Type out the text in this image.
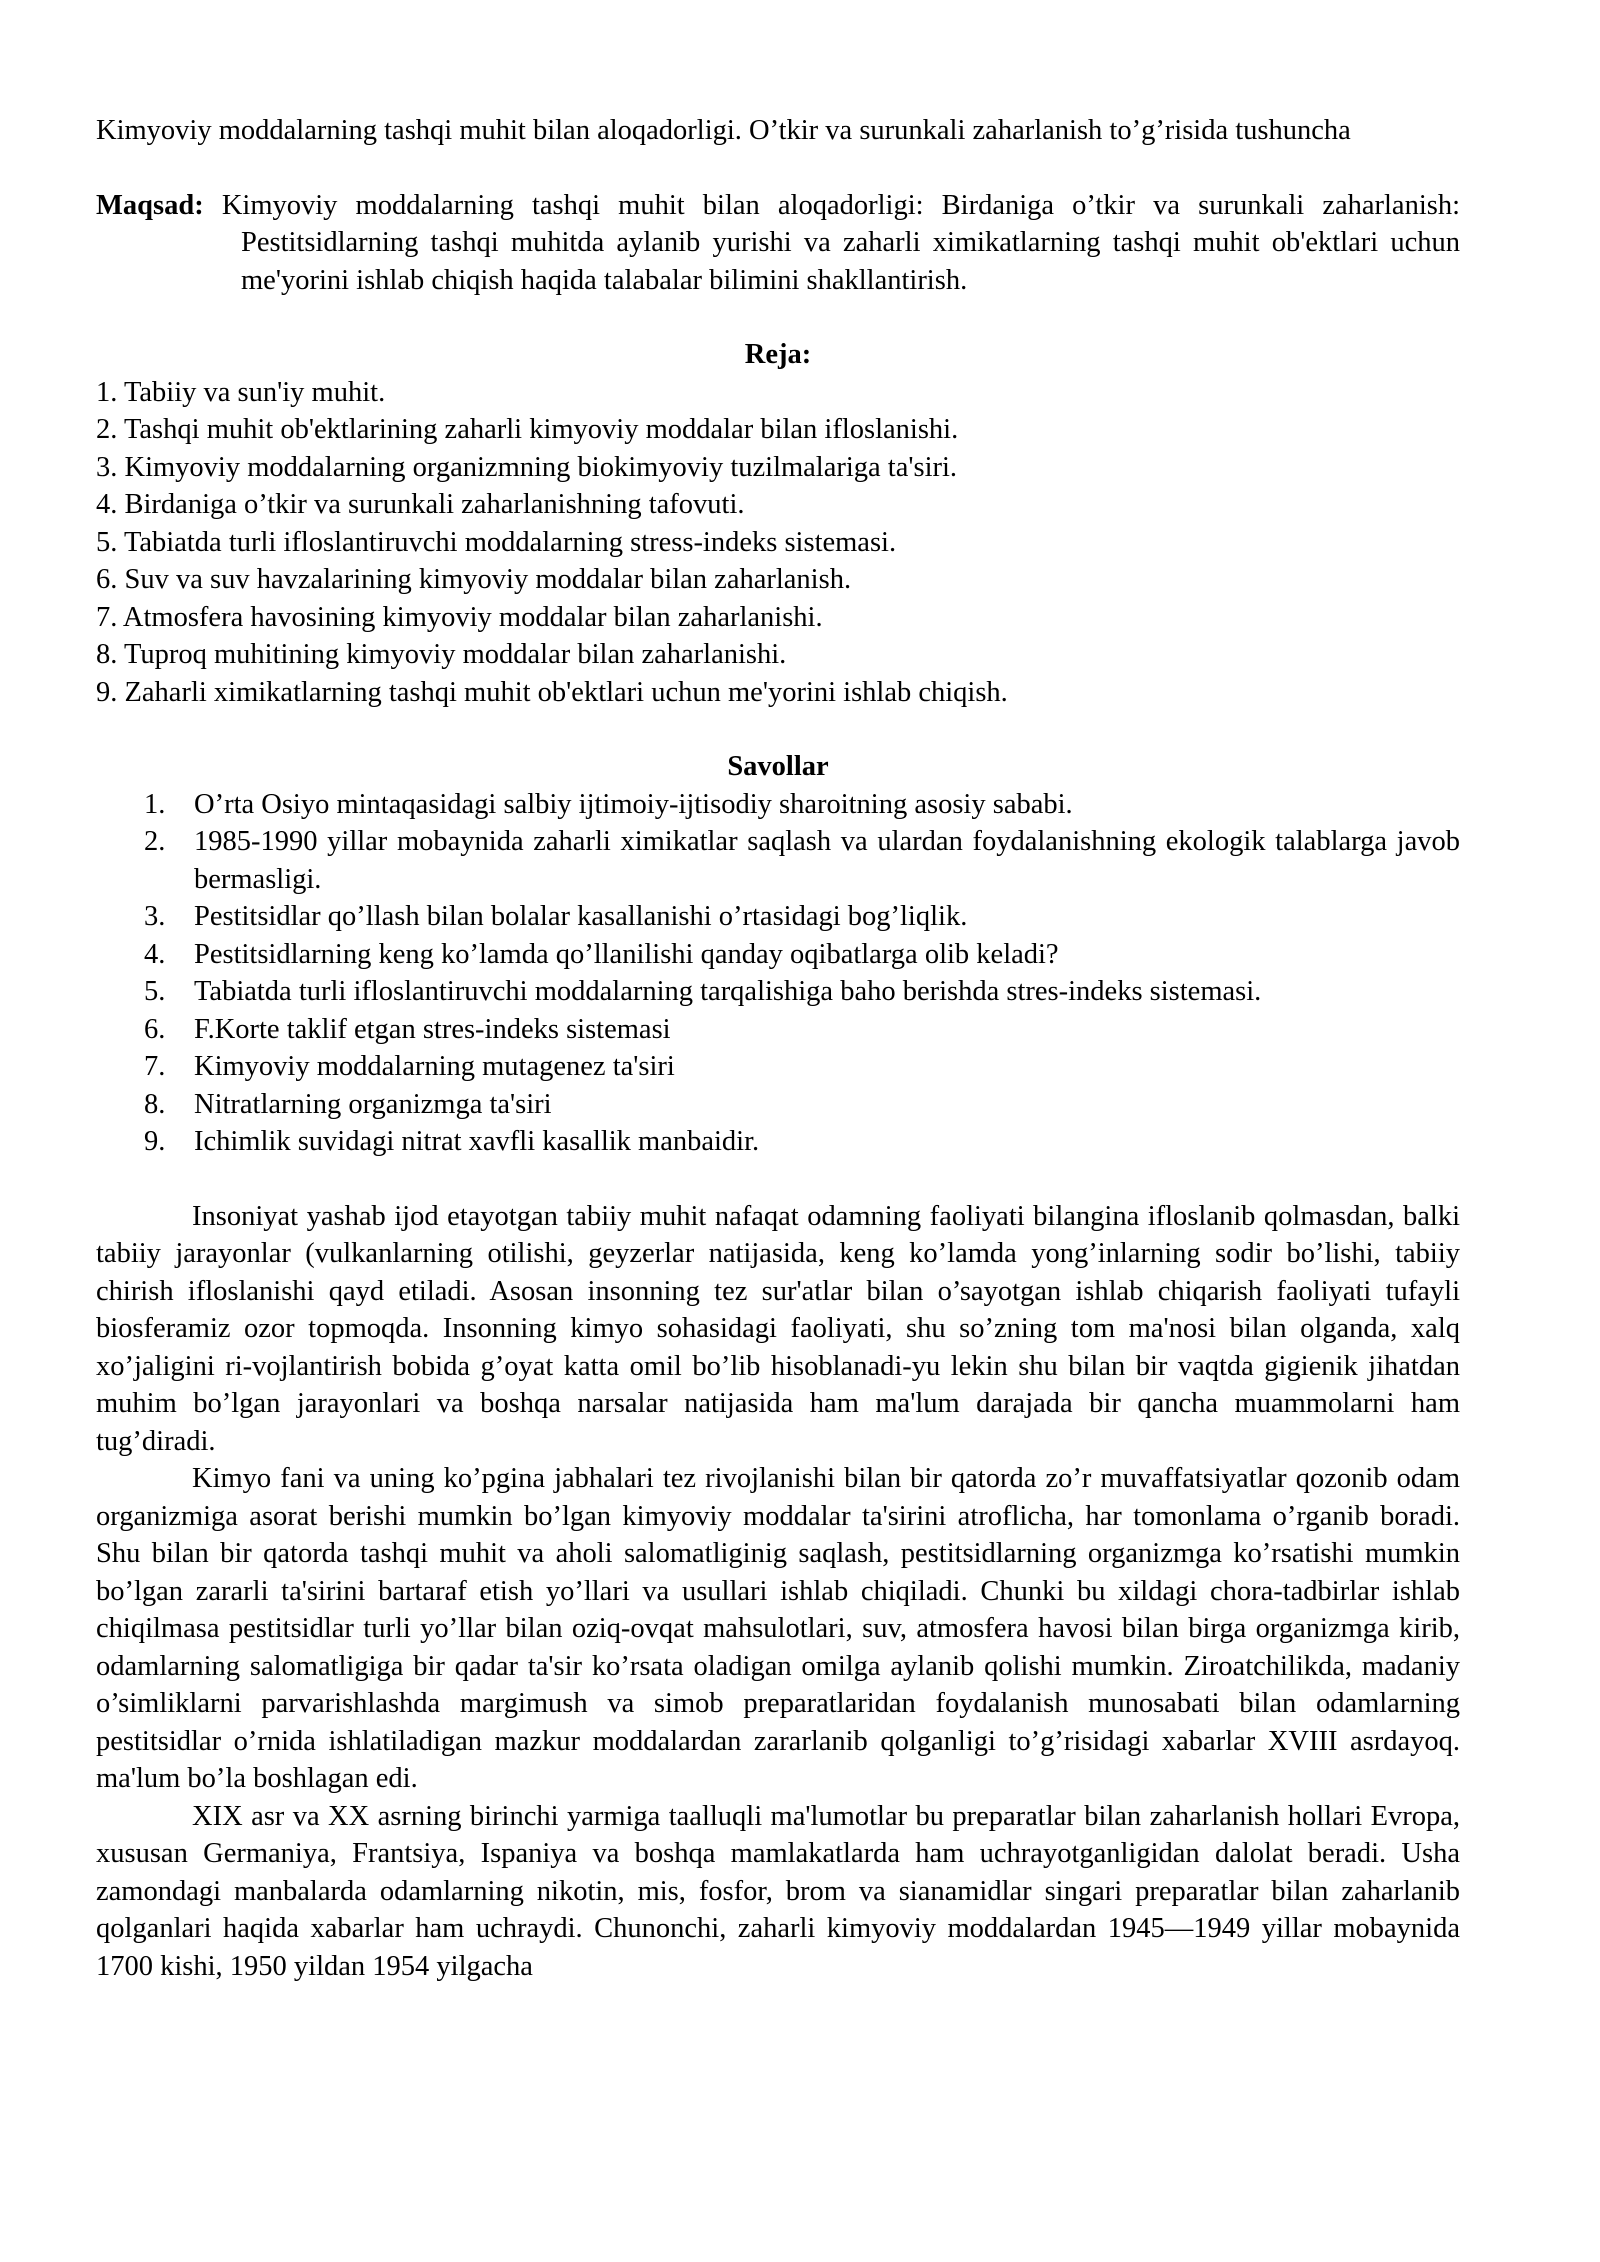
Kimyoviy moddalarning tashqi muhit bilan aloqadorligi. O’tkir va surunkali zaharlanish to’g’risida tushuncha

Maqsad: Kimyoviy moddalarning tashqi muhit bilan aloqadorligi: Birdaniga o’tkir va surunkali zaharlanish: Pestitsidlarning tashqi muhitda aylanib yurishi va zaharli ximikatlarning tashqi muhit ob'ektlari uchun me'yorini ishlab chiqish haqida talabalar bilimini shakllantirish.

Reja:

1. Tabiiy va sun'iy muhit.
2. Tashqi muhit ob'ektlarining zaharli kimyoviy moddalar bilan ifloslanishi.
3. Kimyoviy moddalarning organizmning biokimyoviy tuzilmalariga ta'siri.
4. Birdaniga o’tkir va surunkali zaharlanishning tafovuti.
5. Tabiatda turli ifloslantiruvchi moddalarning stress-indeks sistemasi.
6. Suv va suv havzalarining kimyoviy moddalar bilan zaharlanish.
7. Atmosfera havosining kimyoviy moddalar bilan zaharlanishi.
8. Tuproq muhitining kimyoviy moddalar bilan zaharlanishi.
9. Zaharli ximikatlarning tashqi muhit ob'ektlari uchun me'yorini ishlab chiqish.

Savollar

1. O’rta Osiyo mintaqasidagi salbiy ijtimoiy-ijtisodiy sharoitning asosiy sababi.
2. 1985-1990 yillar mobaynida zaharli ximikatlar saqlash va ulardan foydalanishning ekologik talablarga javob bermasligi.
3. Pestitsidlar qo’llash bilan bolalar kasallanishi o’rtasidagi bog’liqlik.
4. Pestitsidlarning keng ko’lamda qo’llanilishi qanday oqibatlarga olib keladi?
5. Tabiatda turli ifloslantiruvchi moddalarning tarqalishiga baho berishda stres-indeks sistemasi.
6. F.Korte taklif etgan stres-indeks sistemasi
7. Kimyoviy moddalarning mutagenez ta'siri
8. Nitratlarning organizmga ta'siri
9. Ichimlik suvidagi nitrat xavfli kasallik manbaidir.

Insoniyat yashab ijod etayotgan tabiiy muhit nafaqat odamning faoliyati bilangina ifloslanib qolmasdan, balki tabiiy jarayonlar (vulkanlarning otilishi, geyzerlar natijasida, keng ko’lamda yong’inlarning sodir bo’lishi, tabiiy chirish ifloslanishi qayd etiladi. Asosan insonning tez sur'atlar bilan o’sayotgan ishlab chiqarish faoliyati tufayli biosferamiz ozor topmoqda. Insonning kimyo sohasidagi faoliyati, shu so’zning tom ma'nosi bilan olganda, xalq xo’jaligini ri-vojlantirish bobida g’oyat katta omil bo’lib hisoblanadi-yu lekin shu bilan bir vaqtda gigienik jihatdan muhim bo’lgan jarayonlari va boshqa narsalar natijasida ham ma'lum darajada bir qancha muammolarni ham tug’diradi.

Kimyo fani va uning ko’pgina jabhalari tez rivojlanishi bilan bir qatorda zo’r muvaffatsiyatlar qozonib odam organizmiga asorat berishi mumkin bo’lgan kimyoviy moddalar ta'sirini atroflicha, har tomonlama o’rganib boradi. Shu bilan bir qatorda tashqi muhit va aholi salomatliginig saqlash, pestitsidlarning organizmga ko’rsatishi mumkin bo’lgan zararli ta'sirini bartaraf etish yo’llari va usullari ishlab chiqiladi. Chunki bu xildagi chora-tadbirlar ishlab chiqilmasa pestitsidlar turli yo’llar bilan oziq-ovqat mahsulotlari, suv, atmosfera havosi bilan birga organizmga kirib, odamlarning salomatligiga bir qadar ta'sir ko’rsata oladigan omilga aylanib qolishi mumkin. Ziroatchilikda, madaniy o’simliklarni parvarishlashda margimush va simob preparatlaridan foydalanish munosabati bilan odamlarning pestitsidlar o’rnida ishlatiladigan mazkur moddalardan zararlanib qolganligi to’g’risidagi xabarlar XVIII asrdayoq. ma'lum bo’la boshlagan edi.

XIX asr va XX asrning birinchi yarmiga taalluqli ma'lumotlar bu preparatlar bilan zaharlanish hollari Evropa, xususan Germaniya, Frantsiya, Ispaniya va boshqa mamlakatlarda ham uchrayotganligidan dalolat beradi. Usha zamondagi manbalarda odamlarning nikotin, mis, fosfor, brom va sianamidlar singari preparatlar bilan zaharlanib qolganlari haqida xabarlar ham uchraydi. Chunonchi, zaharli kimyoviy moddalardan 1945—1949 yillar mobaynida 1700 kishi, 1950 yildan 1954 yilgacha
